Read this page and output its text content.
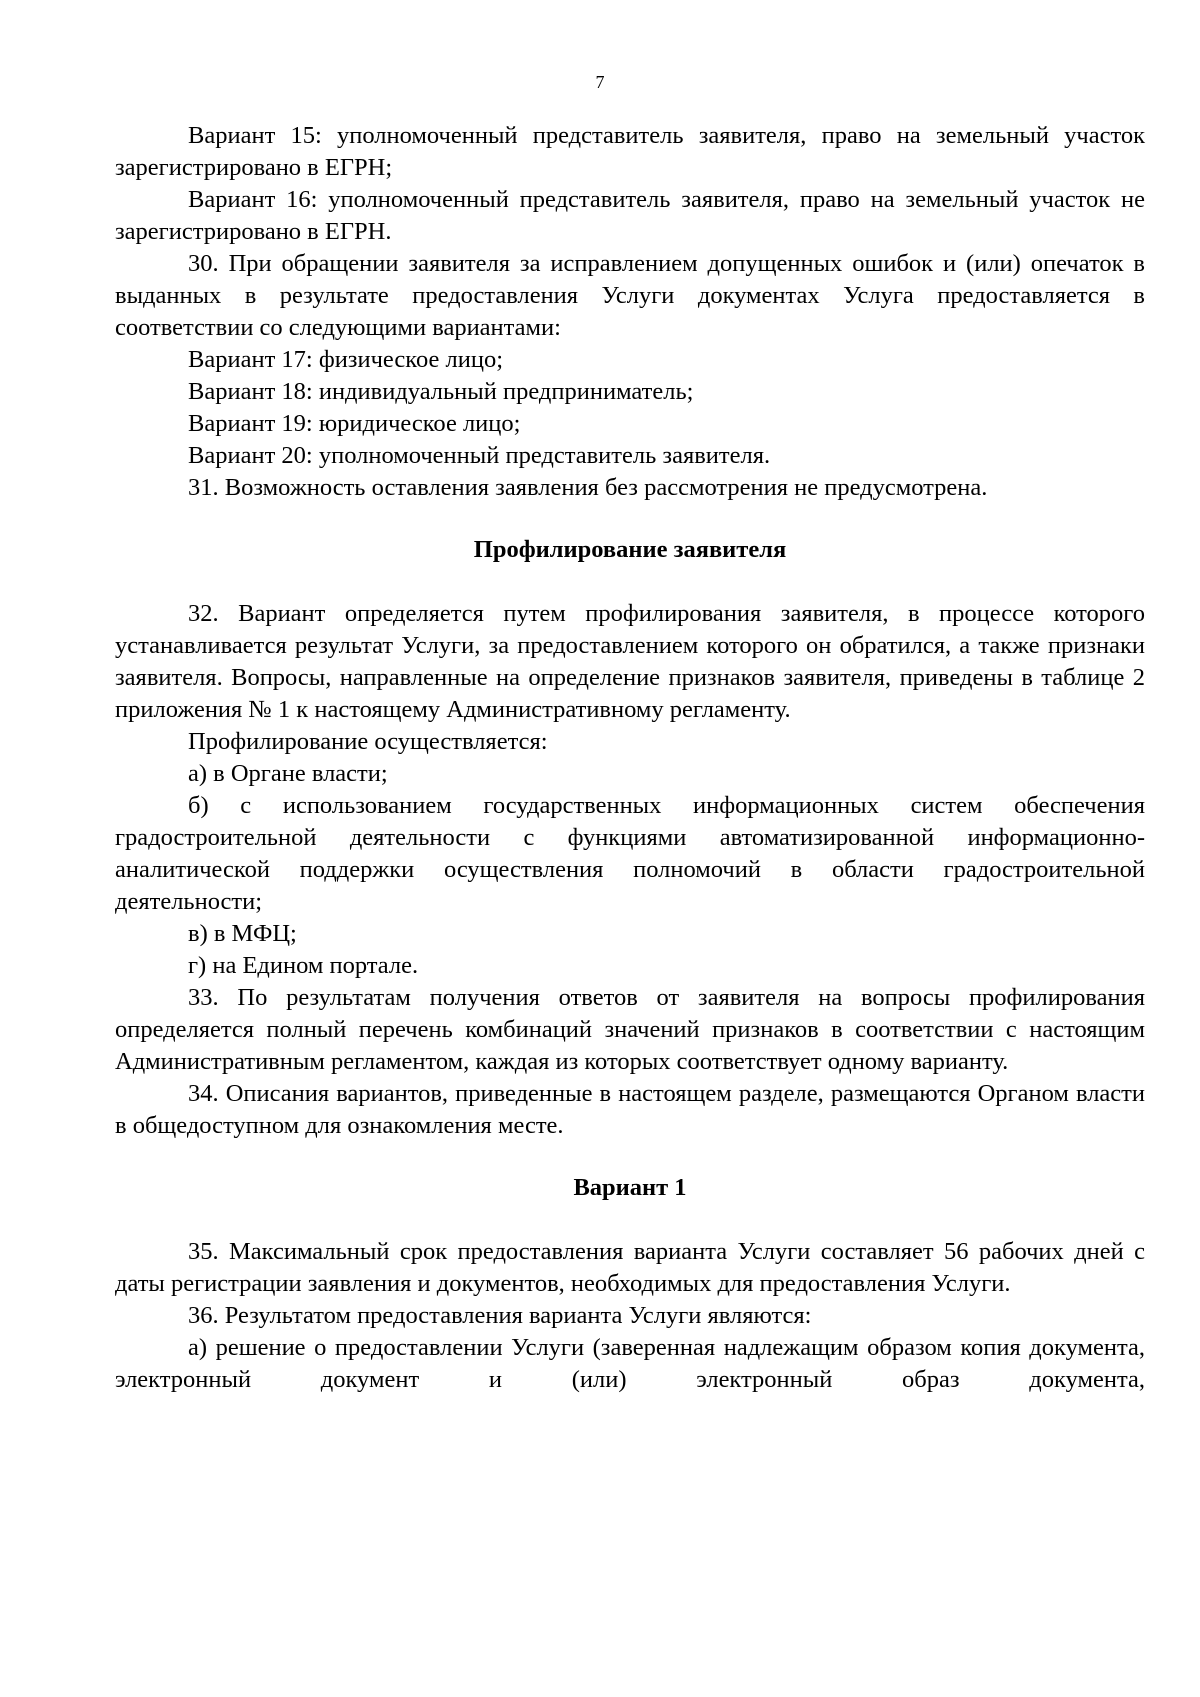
7

Вариант 15: уполномоченный представитель заявителя, право на земельный участок зарегистрировано в ЕГРН;

Вариант 16: уполномоченный представитель заявителя, право на земельный участок не зарегистрировано в ЕГРН.

30. При обращении заявителя за исправлением допущенных ошибок и (или) опечаток в выданных в результате предоставления Услуги документах Услуга предоставляется в соответствии со следующими вариантами:

Вариант 17: физическое лицо;

Вариант 18: индивидуальный предприниматель;

Вариант 19: юридическое лицо;

Вариант 20: уполномоченный представитель заявителя.

31. Возможность оставления заявления без рассмотрения не предусмотрена.

Профилирование заявителя

32. Вариант определяется путем профилирования заявителя, в процессе которого устанавливается результат Услуги, за предоставлением которого он обратился, а также признаки заявителя. Вопросы, направленные на определение признаков заявителя, приведены в таблице 2 приложения № 1 к настоящему Административному регламенту.

Профилирование осуществляется:

а) в Органе власти;

б) с использованием государственных информационных систем обеспечения градостроительной деятельности с функциями автоматизированной информационно-аналитической поддержки осуществления полномочий в области градостроительной деятельности;

в) в МФЦ;

г) на Едином портале.

33. По результатам получения ответов от заявителя на вопросы профилирования определяется полный перечень комбинаций значений признаков в соответствии с настоящим Административным регламентом, каждая из которых соответствует одному варианту.

34. Описания вариантов, приведенные в настоящем разделе, размещаются Органом власти в общедоступном для ознакомления месте.

Вариант 1

35. Максимальный срок предоставления варианта Услуги составляет 56 рабочих дней с даты регистрации заявления и документов, необходимых для предоставления Услуги.

36. Результатом предоставления варианта Услуги являются:

а) решение о предоставлении Услуги (заверенная надлежащим образом копия документа, электронный документ и (или) электронный образ документа,
